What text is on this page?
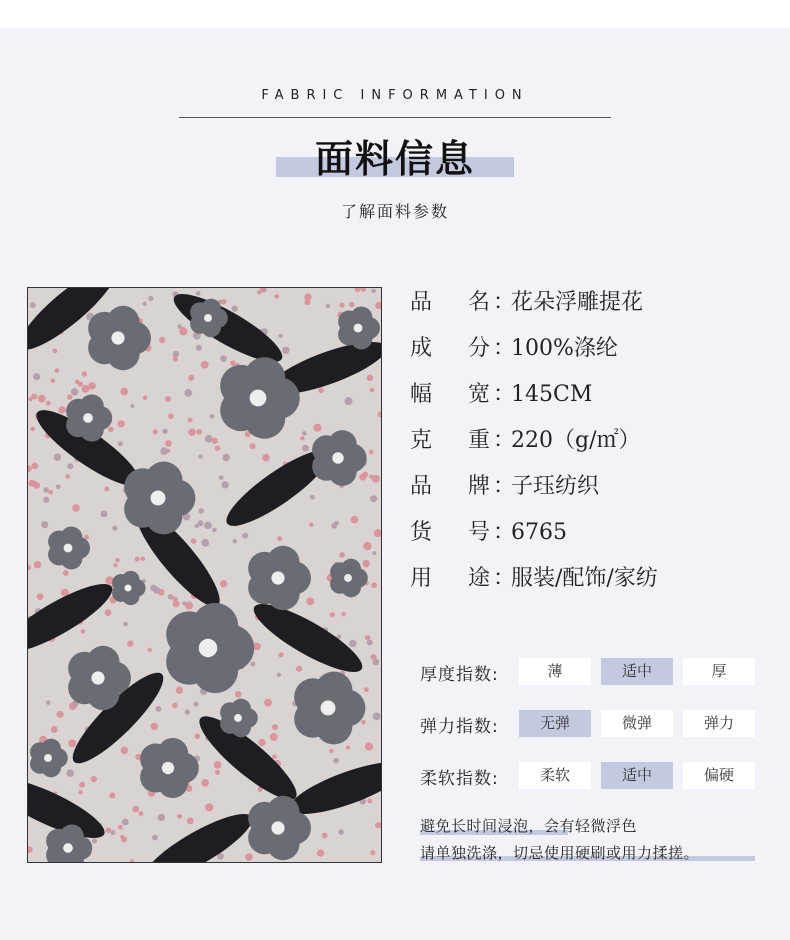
FABRIC INFORMATION
面料信息
了解面料参数
品 名 ：花朵浮雕提花
成 分 ：100%涤纶
幅 宽 ：145CM
克 重 ：220（g/㎡）
品 牌 ：子珏纺织
货 号 ：6765
用 途 ：服装/配饰/家纺
厚度指数:	薄	适中	厚
弹力指数:	无弹	微弹	弹力
柔软指数:	柔软	适中	偏硬
避免长时间浸泡，会有轻微浮色
请单独洗涤，切忌使用硬刷或用力揉搓。
